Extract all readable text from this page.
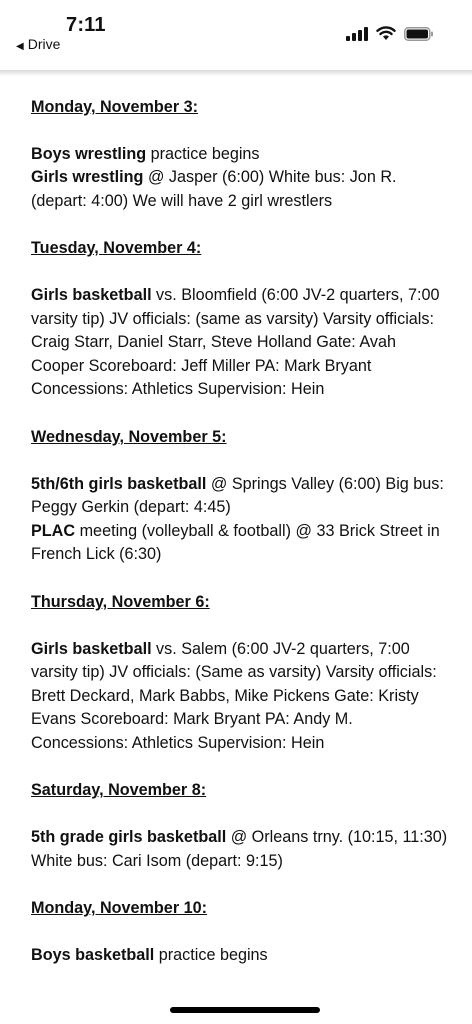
7:11
◀ Drive

Monday, November 3:

Boys wrestling practice begins

Girls wrestling @ Jasper (6:00) White bus: Jon R. (depart: 4:00) We will have 2 girl wrestlers

Tuesday, November 4:

Girls basketball vs. Bloomfield (6:00 JV-2 quarters, 7:00 varsity tip) JV officials: (same as varsity) Varsity officials: Craig Starr, Daniel Starr, Steve Holland Gate: Avah Cooper Scoreboard: Jeff Miller PA: Mark Bryant Concessions: Athletics Supervision: Hein

Wednesday, November 5:

5th/6th girls basketball @ Springs Valley (6:00) Big bus: Peggy Gerkin (depart: 4:45)

PLAC meeting (volleyball & football) @ 33 Brick Street in French Lick (6:30)

Thursday, November 6:

Girls basketball vs. Salem (6:00 JV-2 quarters, 7:00 varsity tip) JV officials: (Same as varsity) Varsity officials: Brett Deckard, Mark Babbs, Mike Pickens Gate: Kristy Evans Scoreboard: Mark Bryant PA: Andy M. Concessions: Athletics Supervision: Hein

Saturday, November 8:

5th grade girls basketball @ Orleans trny. (10:15, 11:30) White bus: Cari Isom (depart: 9:15)

Monday, November 10:

Boys basketball practice begins
